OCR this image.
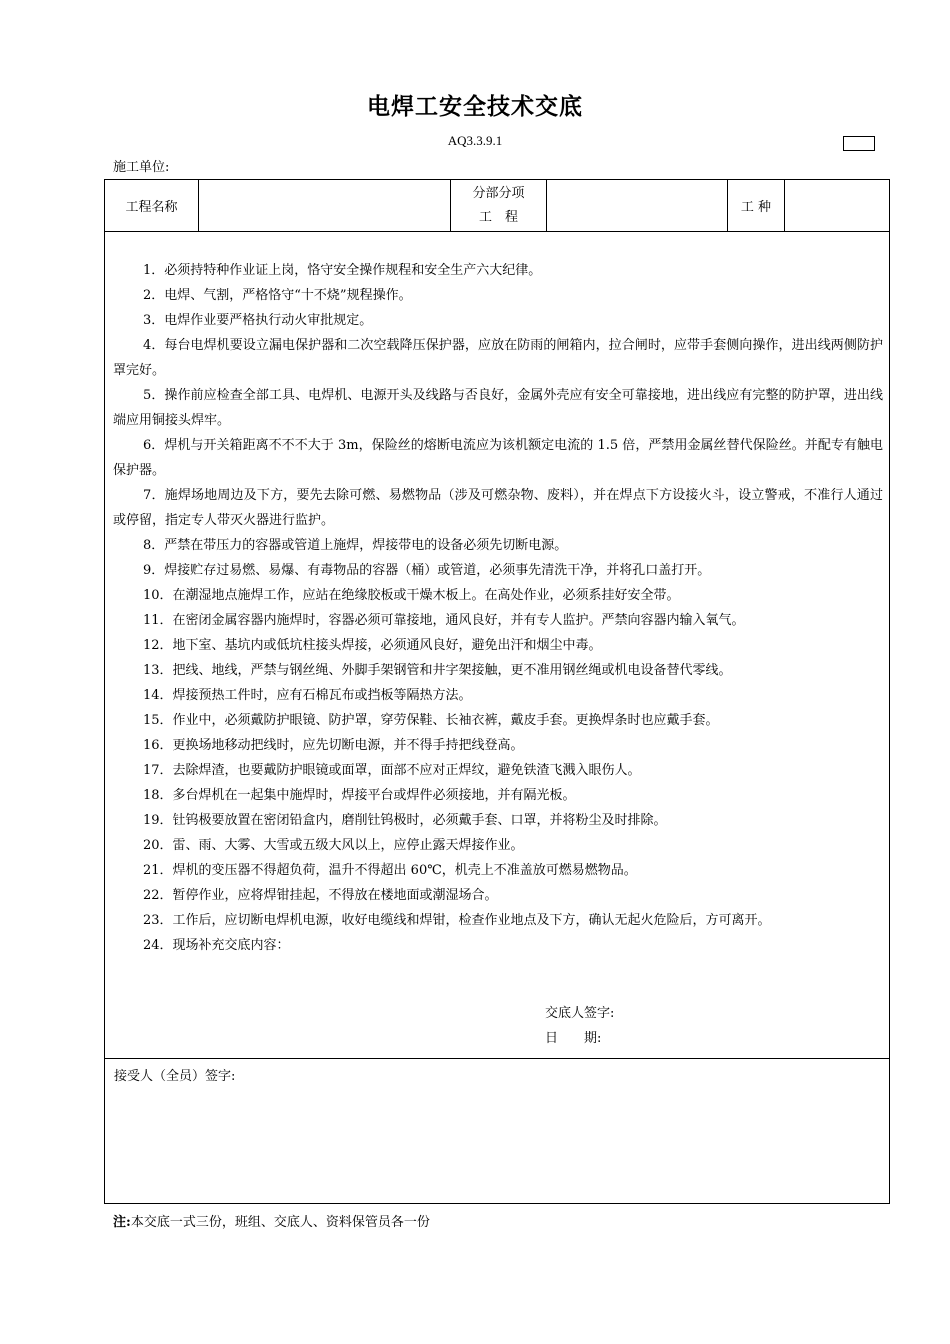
电焊工安全技术交底
AQ3.3.9.1
施工单位:
工程名称
分部分项
工　程
工 种
1．必须持特种作业证上岗，恪守安全操作规程和安全生产六大纪律。
2．电焊、气割，严格恪守“十不烧”规程操作。
3．电焊作业要严格执行动火审批规定。
4．每台电焊机要设立漏电保护器和二次空载降压保护器，应放在防雨的闸箱内，拉合闸时，应带手套侧向操作，进出线两侧防护罩完好。
5．操作前应检查全部工具、电焊机、电源开头及线路与否良好，金属外壳应有安全可靠接地，进出线应有完整的防护罩，进出线端应用铜接头焊牢。
6．焊机与开关箱距离不不不大于 3m，保险丝的熔断电流应为该机额定电流的 1.5 倍，严禁用金属丝替代保险丝。并配专有触电保护器。
7．施焊场地周边及下方，要先去除可燃、易燃物品（涉及可燃杂物、废料），并在焊点下方设接火斗，设立警戒，不准行人通过或停留，指定专人带灭火器进行监护。
8．严禁在带压力的容器或管道上施焊，焊接带电的设备必须先切断电源。
9．焊接贮存过易燃、易爆、有毒物品的容器（桶）或管道，必须事先清洗干净，并将孔口盖打开。
10．在潮湿地点施焊工作，应站在绝缘胶板或干燥木板上。在高处作业，必须系挂好安全带。
11．在密闭金属容器内施焊时，容器必须可靠接地，通风良好，并有专人监护。严禁向容器内输入氧气。
12．地下室、基坑内或低坑柱接头焊接，必须通风良好，避免出汗和烟尘中毒。
13．把线、地线，严禁与钢丝绳、外脚手架钢管和井字架接触，更不准用钢丝绳或机电设备替代零线。
14．焊接预热工件时，应有石棉瓦布或挡板等隔热方法。
15．作业中，必须戴防护眼镜、防护罩，穿劳保鞋、长袖衣裤，戴皮手套。更换焊条时也应戴手套。
16．更换场地移动把线时，应先切断电源，并不得手持把线登高。
17．去除焊渣，也要戴防护眼镜或面罩，面部不应对正焊纹，避免铁渣飞溅入眼伤人。
18．多台焊机在一起集中施焊时，焊接平台或焊件必须接地，并有隔光板。
19．钍钨极要放置在密闭铅盒内，磨削钍钨极时，必须戴手套、口罩，并将粉尘及时排除。
20．雷、雨、大雾、大雪或五级大风以上，应停止露天焊接作业。
21．焊机的变压器不得超负荷，温升不得超出 60℃，机壳上不准盖放可燃易燃物品。
22．暂停作业，应将焊钳挂起，不得放在楼地面或潮湿场合。
23．工作后，应切断电焊机电源，收好电缆线和焊钳，检查作业地点及下方，确认无起火危险后，方可离开。
24．现场补充交底内容：
交底人签字:
日　　期:
接受人（全员）签字:
注:本交底一式三份，班组、交底人、资料保管员各一份
